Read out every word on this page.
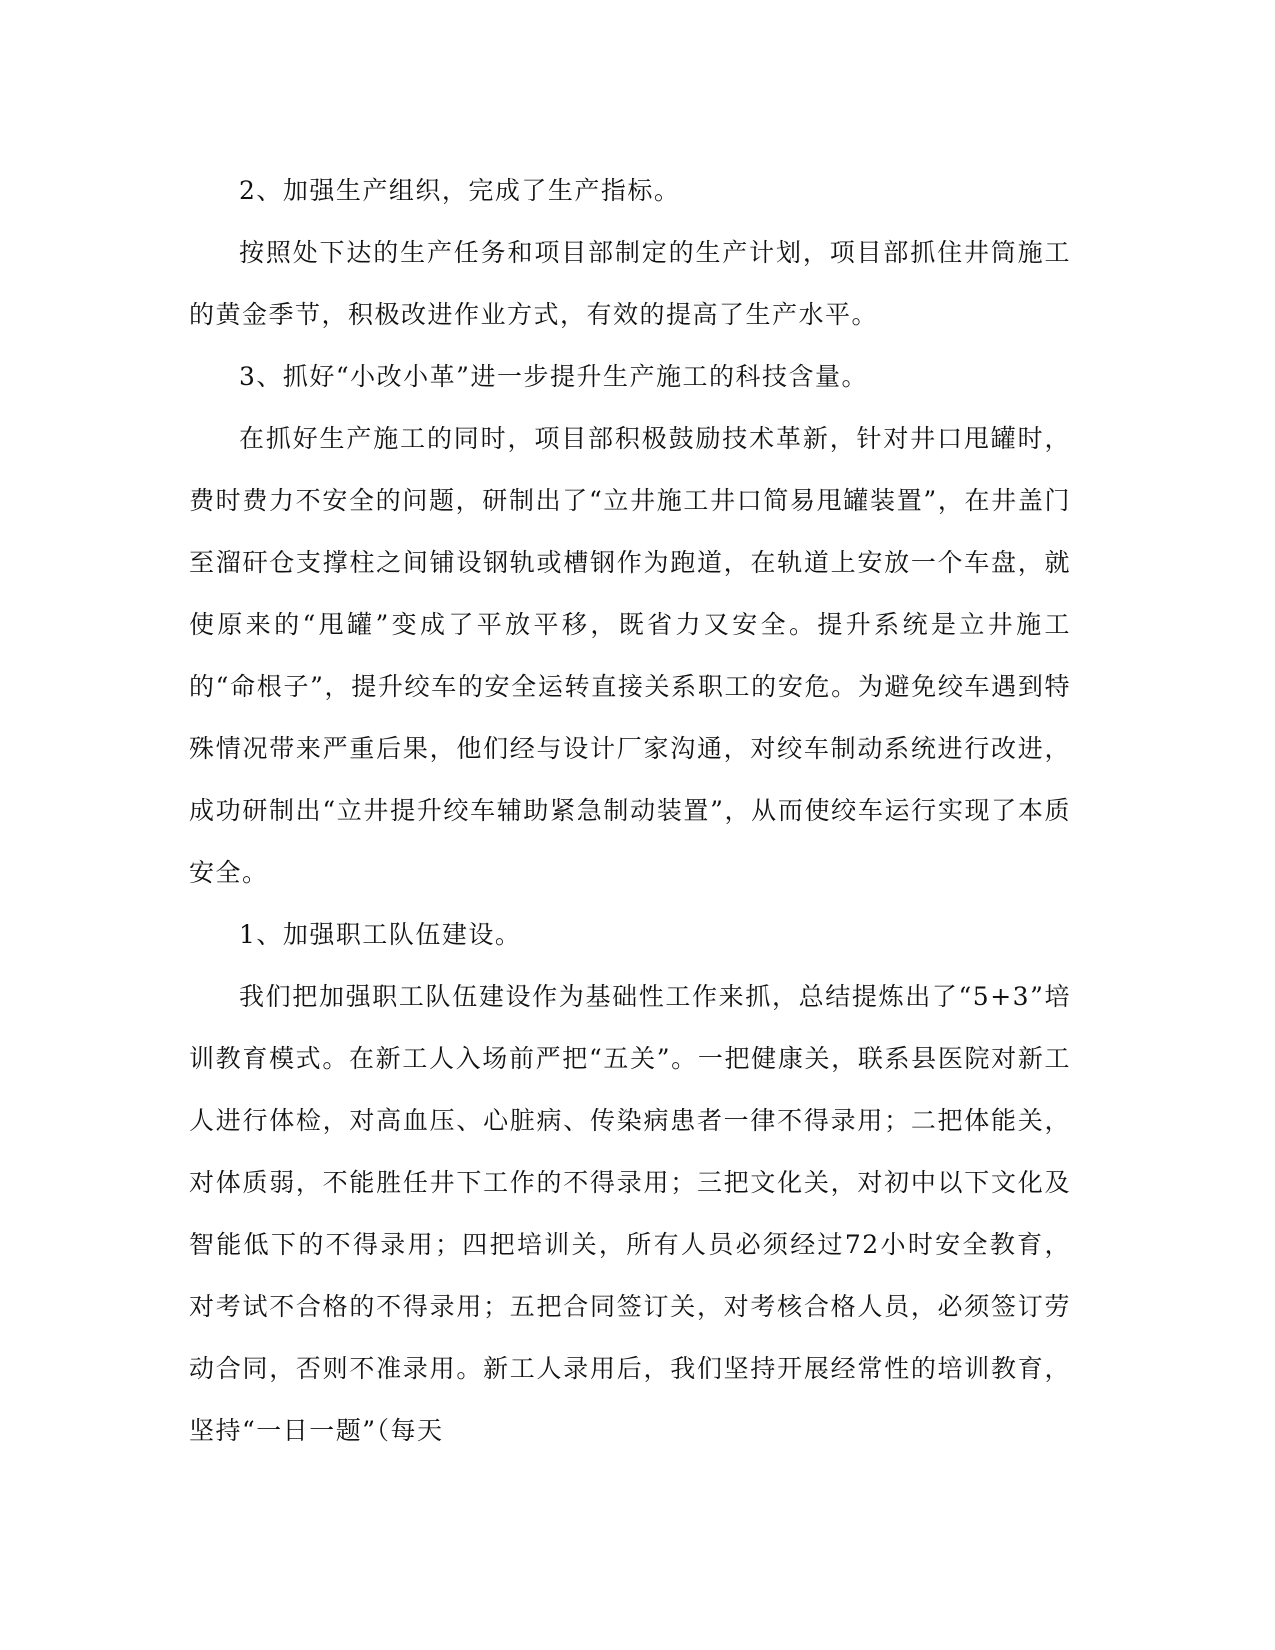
2、加强生产组织，完成了生产指标。

按照处下达的生产任务和项目部制定的生产计划，项目部抓住井筒施工的黄金季节，积极改进作业方式，有效的提高了生产水平。

3、抓好“小改小革”进一步提升生产施工的科技含量。

在抓好生产施工的同时，项目部积极鼓励技术革新，针对井口甩罐时，费时费力不安全的问题，研制出了“立井施工井口简易甩罐装置”，在井盖门至溜矸仓支撑柱之间铺设钢轨或槽钢作为跑道，在轨道上安放一个车盘，就使原来的“甩罐”变成了平放平移，既省力又安全。提升系统是立井施工的“命根子”，提升绞车的安全运转直接关系职工的安危。为避免绞车遇到特殊情况带来严重后果，他们经与设计厂家沟通，对绞车制动系统进行改进，成功研制出“立井提升绞车辅助紧急制动装置”，从而使绞车运行实现了本质安全。

1、加强职工队伍建设。

我们把加强职工队伍建设作为基础性工作来抓，总结提炼出了“5+3”培训教育模式。在新工人入场前严把“五关”。一把健康关，联系县医院对新工人进行体检，对高血压、心脏病、传染病患者一律不得录用；二把体能关，对体质弱，不能胜任井下工作的不得录用；三把文化关，对初中以下文化及智能低下的不得录用；四把培训关，所有人员必须经过72小时安全教育，对考试不合格的不得录用；五把合同签订关，对考核合格人员，必须签订劳动合同，否则不准录用。新工人录用后，我们坚持开展经常性的培训教育，坚持“一日一题”（每天
